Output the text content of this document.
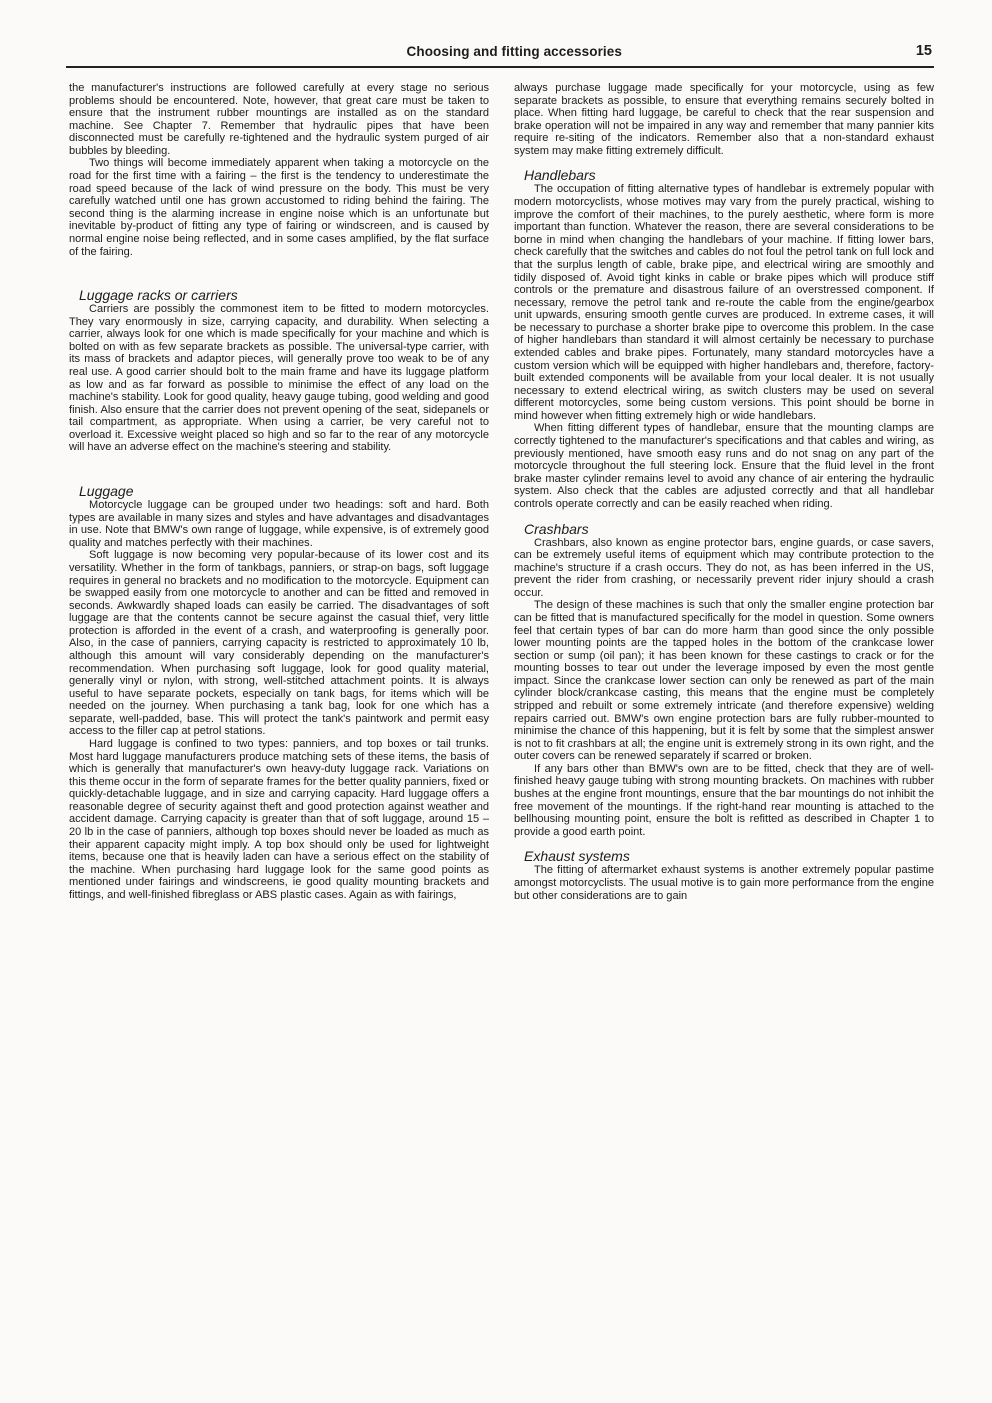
Choosing and fitting accessories	15

the manufacturer's instructions are followed carefully at every stage no serious problems should be encountered. Note, however, that great care must be taken to ensure that the instrument rubber mountings are installed as on the standard machine. See Chapter 7. Remember that hydraulic pipes that have been disconnected must be carefully re-tightened and the hydraulic system purged of air bubbles by bleeding.

Two things will become immediately apparent when taking a motorcycle on the road for the first time with a fairing – the first is the tendency to underestimate the road speed because of the lack of wind pressure on the body. This must be very carefully watched until one has grown accustomed to riding behind the fairing. The second thing is the alarming increase in engine noise which is an unfortunate but inevitable by-product of fitting any type of fairing or windscreen, and is caused by normal engine noise being reflected, and in some cases amplified, by the flat surface of the fairing.

Luggage racks or carriers

Carriers are possibly the commonest item to be fitted to modern motorcycles. They vary enormously in size, carrying capacity, and durability. When selecting a carrier, always look for one which is made specifically for your machine and which is bolted on with as few separate brackets as possible. The universal-type carrier, with its mass of brackets and adaptor pieces, will generally prove too weak to be of any real use. A good carrier should bolt to the main frame and have its luggage platform as low and as far forward as possible to minimise the effect of any load on the machine's stability. Look for good quality, heavy gauge tubing, good welding and good finish. Also ensure that the carrier does not prevent opening of the seat, sidepanels or tail compartment, as appropriate. When using a carrier, be very careful not to overload it. Excessive weight placed so high and so far to the rear of any motorcycle will have an adverse effect on the machine's steering and stability.

Luggage

Motorcycle luggage can be grouped under two headings: soft and hard. Both types are available in many sizes and styles and have advantages and disadvantages in use. Note that BMW's own range of luggage, while expensive, is of extremely good quality and matches perfectly with their machines.

Soft luggage is now becoming very popular-because of its lower cost and its versatility. Whether in the form of tankbags, panniers, or strap-on bags, soft luggage requires in general no brackets and no modification to the motorcycle. Equipment can be swapped easily from one motorcycle to another and can be fitted and removed in seconds. Awkwardly shaped loads can easily be carried. The disadvantages of soft luggage are that the contents cannot be secure against the casual thief, very little protection is afforded in the event of a crash, and waterproofing is generally poor. Also, in the case of panniers, carrying capacity is restricted to approximately 10 lb, although this amount will vary considerably depending on the manufacturer's recommendation. When purchasing soft luggage, look for good quality material, generally vinyl or nylon, with strong, well-stitched attachment points. It is always useful to have separate pockets, especially on tank bags, for items which will be needed on the journey. When purchasing a tank bag, look for one which has a separate, well-padded, base. This will protect the tank's paintwork and permit easy access to the filler cap at petrol stations.

Hard luggage is confined to two types: panniers, and top boxes or tail trunks. Most hard luggage manufacturers produce matching sets of these items, the basis of which is generally that manufacturer's own heavy-duty luggage rack. Variations on this theme occur in the form of separate frames for the better quality panniers, fixed or quickly-detachable luggage, and in size and carrying capacity. Hard luggage offers a reasonable degree of security against theft and good protection against weather and accident damage. Carrying capacity is greater than that of soft luggage, around 15 – 20 lb in the case of panniers, although top boxes should never be loaded as much as their apparent capacity might imply. A top box should only be used for lightweight items, because one that is heavily laden can have a serious effect on the stability of the machine. When purchasing hard luggage look for the same good points as mentioned under fairings and windscreens, ie good quality mounting brackets and fittings, and well-finished fibreglass or ABS plastic cases. Again as with fairings,

always purchase luggage made specifically for your motorcycle, using as few separate brackets as possible, to ensure that everything remains securely bolted in place. When fitting hard luggage, be careful to check that the rear suspension and brake operation will not be impaired in any way and remember that many pannier kits require re-siting of the indicators. Remember also that a non-standard exhaust system may make fitting extremely difficult.

Handlebars

The occupation of fitting alternative types of handlebar is extremely popular with modern motorcyclists, whose motives may vary from the purely practical, wishing to improve the comfort of their machines, to the purely aesthetic, where form is more important than function. Whatever the reason, there are several considerations to be borne in mind when changing the handlebars of your machine. If fitting lower bars, check carefully that the switches and cables do not foul the petrol tank on full lock and that the surplus length of cable, brake pipe, and electrical wiring are smoothly and tidily disposed of. Avoid tight kinks in cable or brake pipes which will produce stiff controls or the premature and disastrous failure of an overstressed component. If necessary, remove the petrol tank and re-route the cable from the engine/gearbox unit upwards, ensuring smooth gentle curves are produced. In extreme cases, it will be necessary to purchase a shorter brake pipe to overcome this problem. In the case of higher handlebars than standard it will almost certainly be necessary to purchase extended cables and brake pipes. Fortunately, many standard motorcycles have a custom version which will be equipped with higher handlebars and, therefore, factory-built extended components will be available from your local dealer. It is not usually necessary to extend electrical wiring, as switch clusters may be used on several different motorcycles, some being custom versions. This point should be borne in mind however when fitting extremely high or wide handlebars.

When fitting different types of handlebar, ensure that the mounting clamps are correctly tightened to the manufacturer's specifications and that cables and wiring, as previously mentioned, have smooth easy runs and do not snag on any part of the motorcycle throughout the full steering lock. Ensure that the fluid level in the front brake master cylinder remains level to avoid any chance of air entering the hydraulic system. Also check that the cables are adjusted correctly and that all handlebar controls operate correctly and can be easily reached when riding.

Crashbars

Crashbars, also known as engine protector bars, engine guards, or case savers, can be extremely useful items of equipment which may contribute protection to the machine's structure if a crash occurs. They do not, as has been inferred in the US, prevent the rider from crashing, or necessarily prevent rider injury should a crash occur.

The design of these machines is such that only the smaller engine protection bar can be fitted that is manufactured specifically for the model in question. Some owners feel that certain types of bar can do more harm than good since the only possible lower mounting points are the tapped holes in the bottom of the crankcase lower section or sump (oil pan); it has been known for these castings to crack or for the mounting bosses to tear out under the leverage imposed by even the most gentle impact. Since the crankcase lower section can only be renewed as part of the main cylinder block/crankcase casting, this means that the engine must be completely stripped and rebuilt or some extremely intricate (and therefore expensive) welding repairs carried out. BMW's own engine protection bars are fully rubber-mounted to minimise the chance of this happening, but it is felt by some that the simplest answer is not to fit crashbars at all; the engine unit is extremely strong in its own right, and the outer covers can be renewed separately if scarred or broken.

If any bars other than BMW's own are to be fitted, check that they are of well-finished heavy gauge tubing with strong mounting brackets. On machines with rubber bushes at the engine front mountings, ensure that the bar mountings do not inhibit the free movement of the mountings. If the right-hand rear mounting is attached to the bellhousing mounting point, ensure the bolt is refitted as described in Chapter 1 to provide a good earth point.

Exhaust systems

The fitting of aftermarket exhaust systems is another extremely popular pastime amongst motorcyclists. The usual motive is to gain more performance from the engine but other considerations are to gain
